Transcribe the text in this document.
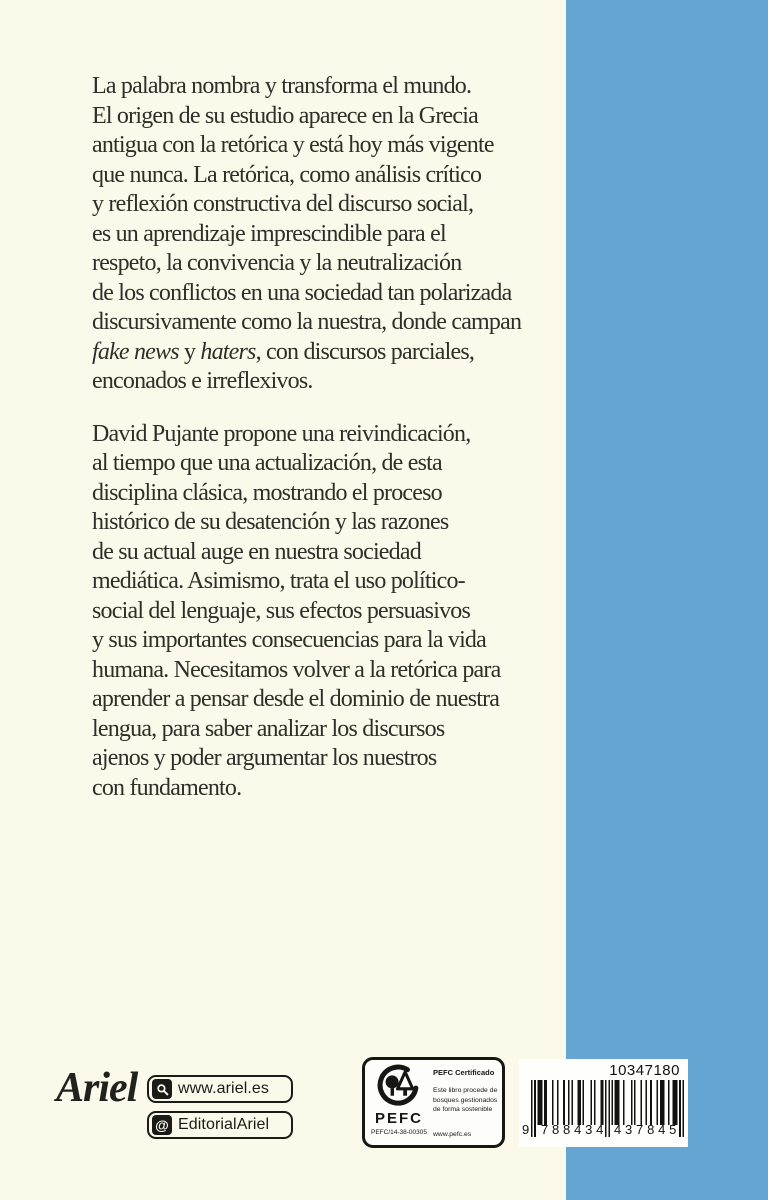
La palabra nombra y transforma el mundo.
El origen de su estudio aparece en la Grecia
antigua con la retórica y está hoy más vigente
que nunca. La retórica, como análisis crítico
y reflexión constructiva del discurso social,
es un aprendizaje imprescindible para el
respeto, la convivencia y la neutralización
de los conflictos en una sociedad tan polarizada
discursivamente como la nuestra, donde campan
fake news y haters, con discursos parciales,
enconados e irreflexivos.
David Pujante propone una reivindicación,
al tiempo que una actualización, de esta
disciplina clásica, mostrando el proceso
histórico de su desatención y las razones
de su actual auge en nuestra sociedad
mediática. Asimismo, trata el uso político-
social del lenguaje, sus efectos persuasivos
y sus importantes consecuencias para la vida
humana. Necesitamos volver a la retórica para
aprender a pensar desde el dominio de nuestra
lengua, para saber analizar los discursos
ajenos y poder argumentar los nuestros
con fundamento.
Ariel	www.ariel.es
@ EditorialAriel	PEFC
PEFC/14-38-00305
PEFC Certificado
Este libro procede de bosques gestionados de forma sostenible
www.pefc.es
10347180
9 788434 437845
